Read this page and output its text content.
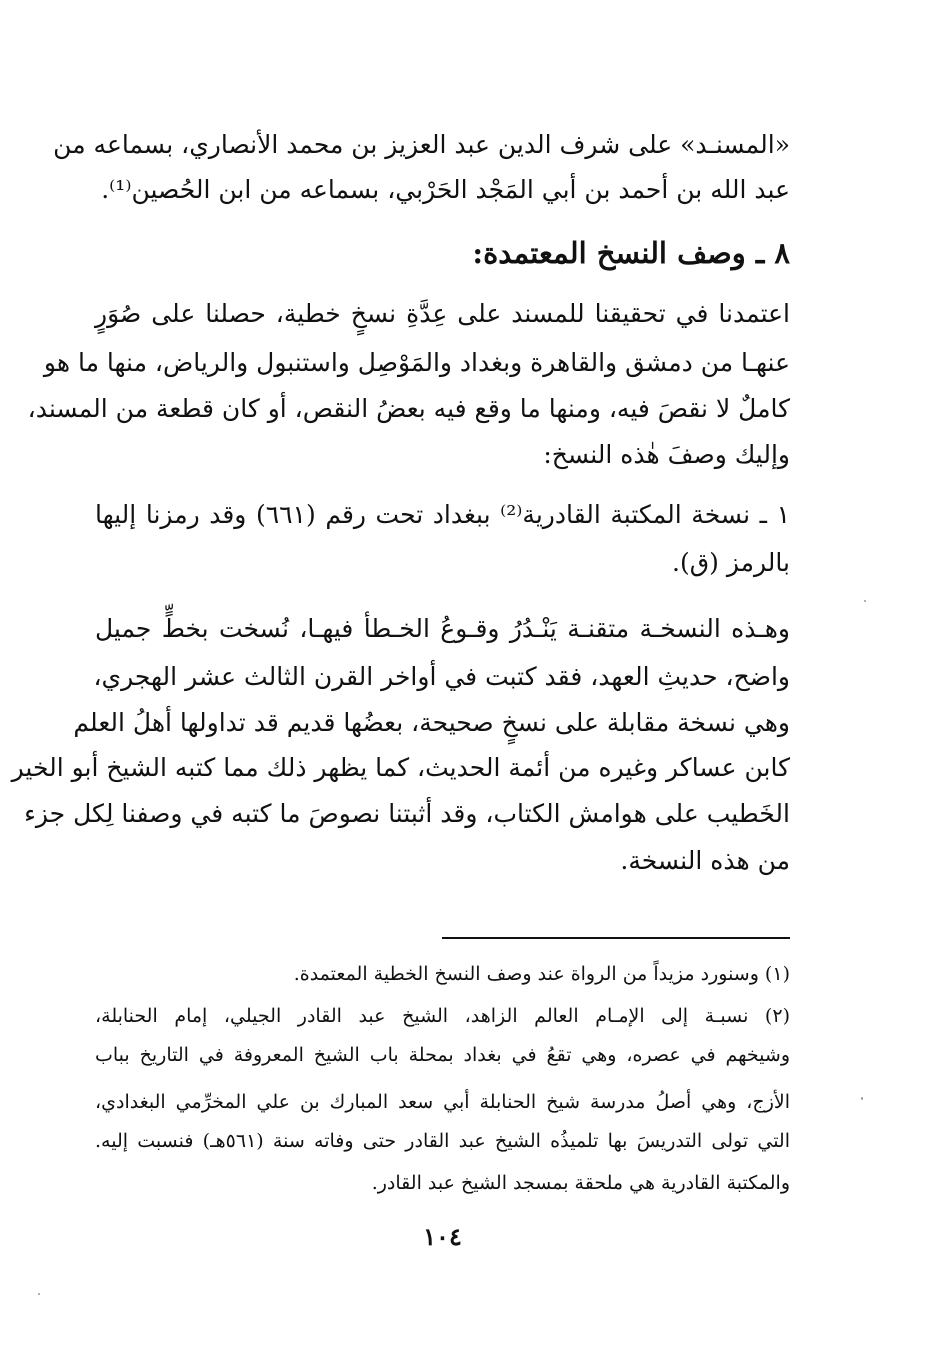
«المسنـد» على شرف الدين عبد العزيز بن محمد الأنصاري، بسماعه من
عبد الله بن أحمد بن أبي المَجْد الحَرْبي، بسماعه من ابن الحُصين⁽¹⁾.
٨ ـ وصف النسخ المعتمدة:
اعتمدنا في تحقيقنا للمسند على عِدَّةِ نسخٍ خطية، حصلنا على صُوَرٍ
عنهـا من دمشق والقاهرة وبغداد والمَوْصِل واستنبول والرياض، منها ما هو
كاملٌ لا نقصَ فيه، ومنها ما وقع فيه بعضُ النقص، أو كان قطعة من المسند،
وإليك وصفَ هٰذه النسخ:
١ ـ نسخة المكتبة القادرية⁽²⁾ ببغداد تحت رقم (٦٦١) وقد رمزنا إليها
بالرمز (ق).
وهـذه النسخـة متقنـة يَنْـدُرُ وقـوعُ الخـطأ فيهـا، نُسخت بخطٍّ جميل
واضح، حديثِ العهد، فقد كتبت في أواخر القرن الثالث عشر الهجري،
وهي نسخة مقابلة على نسخٍ صحيحة، بعضُها قديم قد تداولها أهلُ العلم
كابن عساكر وغيره من أئمة الحديث، كما يظهر ذلك مما كتبه الشيخ أبو الخير
الخَطيب على هوامش الكتاب، وقد أثبتنا نصوصَ ما كتبه في وصفنا لِكل جزء
من هذه النسخة.
(١) وسنورد مزيداً من الرواة عند وصف النسخ الخطية المعتمدة.
(٢) نسبـة إلى الإمـام العالم الزاهد، الشيخ عبد القادر الجيلي، إمام الحنابلة،
وشيخهم في عصره، وهي تقعُ في بغداد بمحلة باب الشيخ المعروفة في التاريخ بباب
الأزج، وهي أصلُ مدرسة شيخ الحنابلة أبي سعد المبارك بن علي المخرِّمي البغدادي،
التي تولى التدريسَ بها تلميذُه الشيخ عبد القادر حتى وفاته سنة (٥٦١هـ) فنسبت إليه.
والمكتبة القادرية هي ملحقة بمسجد الشيخ عبد القادر.
١٠٤
